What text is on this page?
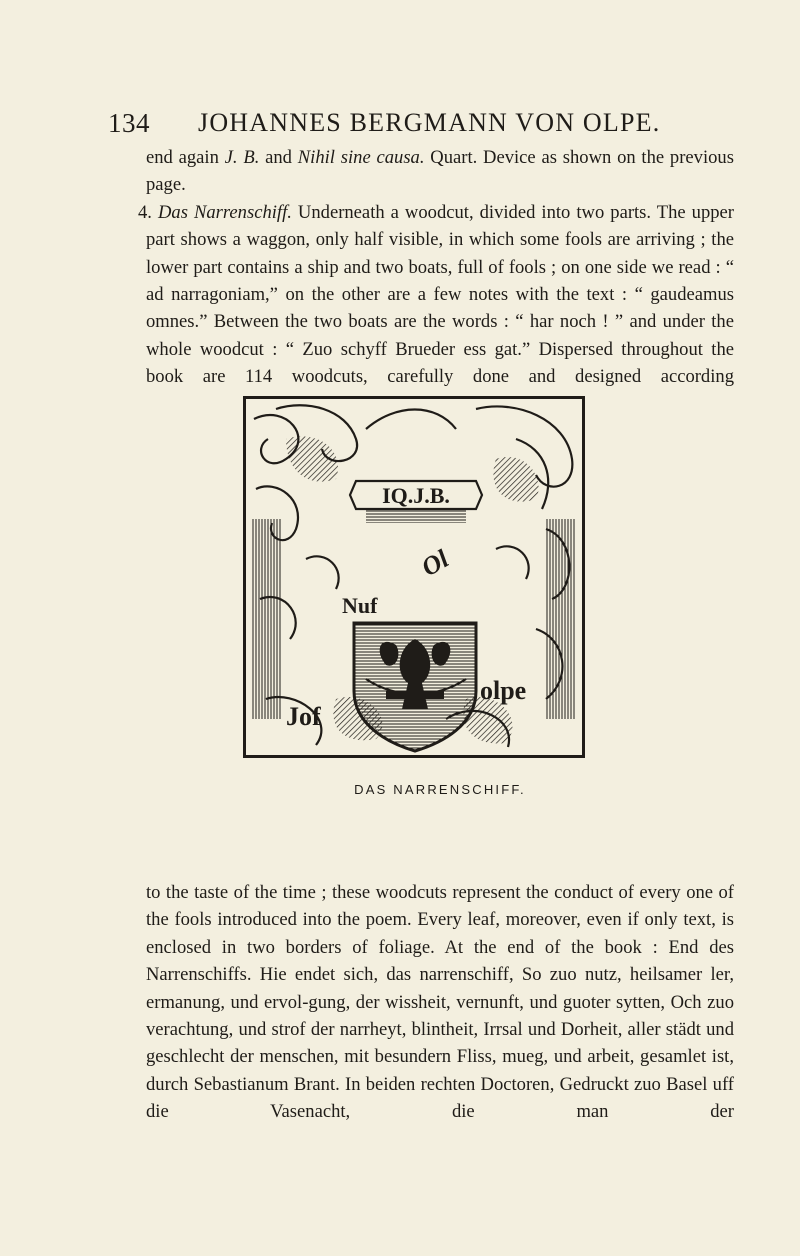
134 JOHANNES BERGMANN VON OLPE.

end again J. B. and Nihil sine causa. Quart. Device as shown on the previous page.

4. Das Narrenschiff. Underneath a woodcut, divided into two parts. The upper part shows a waggon, only half visible, in which some fools are arriving ; the lower part contains a ship and two boats, full of fools ; on one side we read : “ ad narragoniam,” on the other are a few notes with the text : “ gaudeamus omnes.” Between the two boats are the words : “ har noch ! ” and under the whole woodcut : “ Zuo schyff Brueder ess gat.” Dispersed throughout the book are 114 woodcuts, carefully done and designed according

IQ.J.B.
Ol
Nuf
Jof
olpe
DAS NARRENSCHIFF.

to the taste of the time ; these woodcuts represent the conduct of every one of the fools introduced into the poem. Every leaf, moreover, even if only text, is enclosed in two borders of foliage. At the end of the book : End des Narrenschiffs. Hie endet sich, das narrenschiff, So zuo nutz, heilsamer ler, ermanung, und ervol-gung, der wissheit, vernunft, und guoter sytten, Och zuo verachtung, und strof der narrheyt, blintheit, Irrsal und Dorheit, aller städt und geschlecht der menschen, mit besundern Fliss, mueg, und arbeit, gesamlet ist, durch Sebastianum Brant. In beiden rechten Doctoren, Gedruckt zuo Basel uff die Vasenacht, die man der
